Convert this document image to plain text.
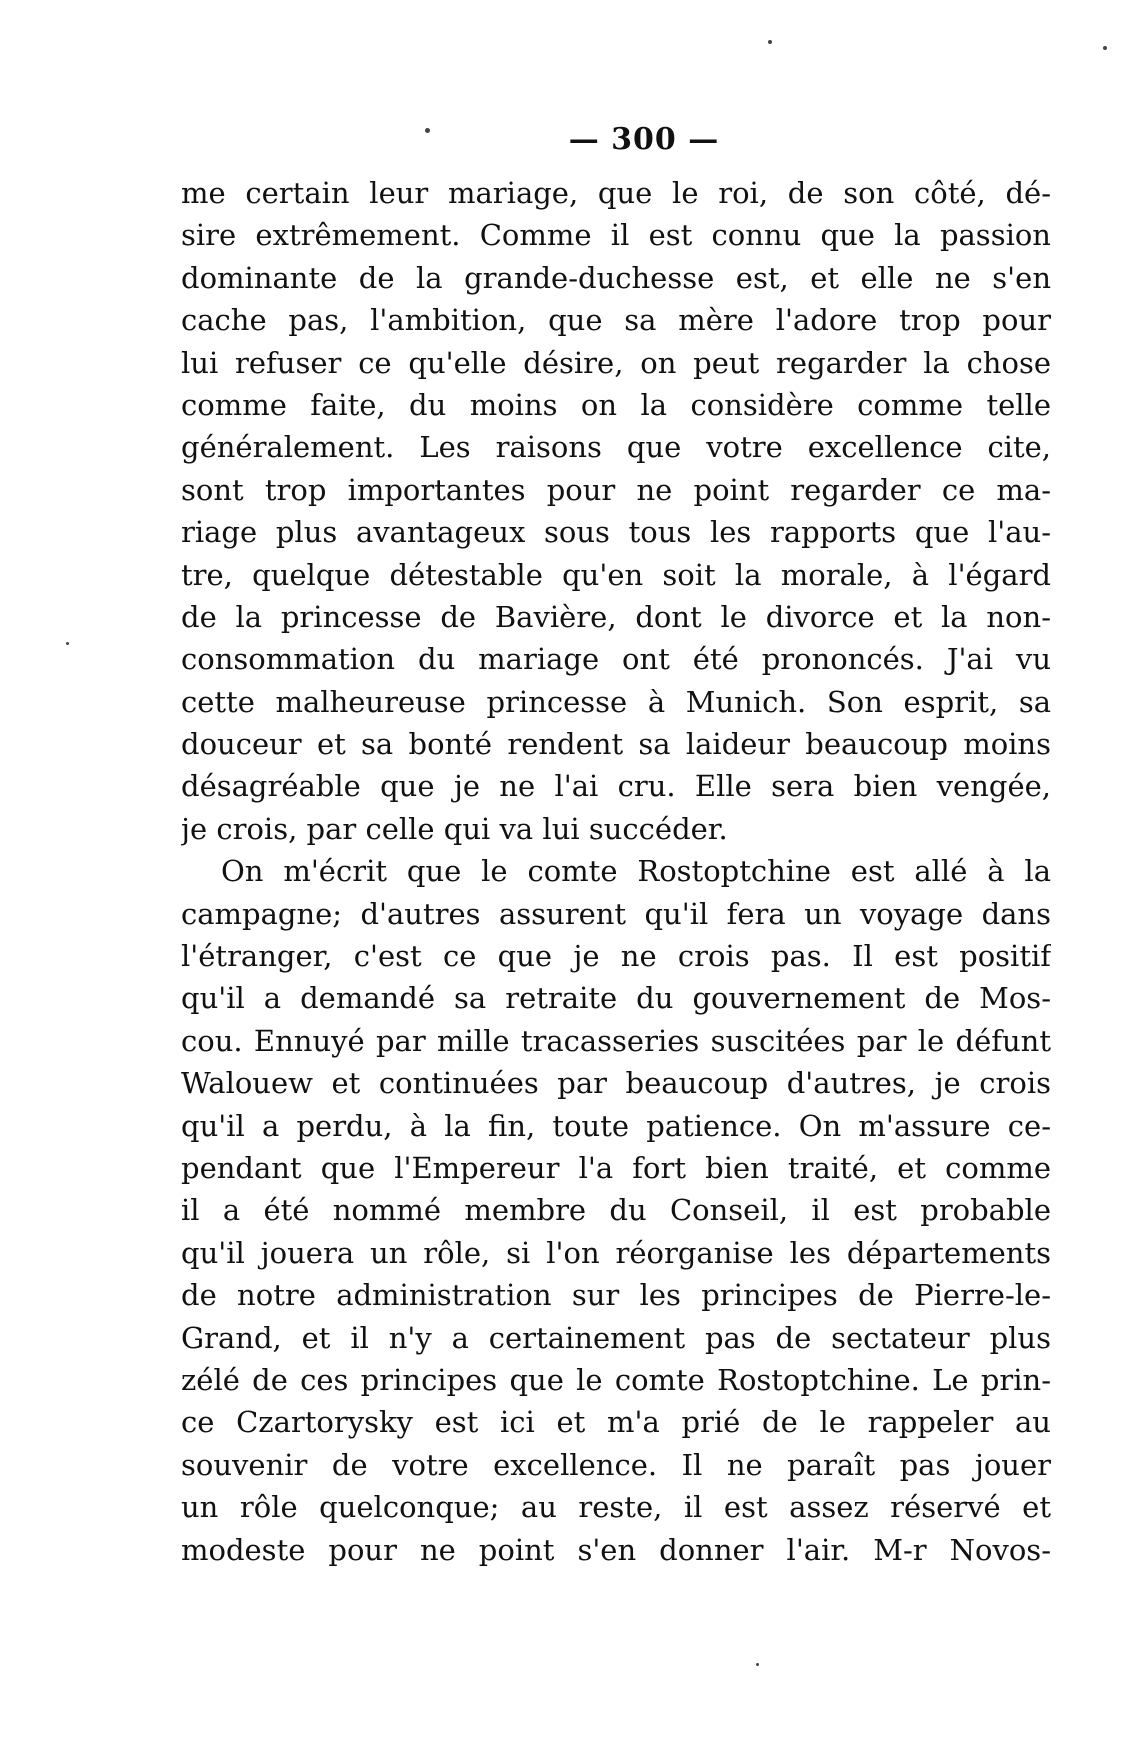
— 300 —
me certain leur mariage, que le roi, de son côté, dé-
sire extrêmement. Comme il est connu que la passion
dominante de la grande-duchesse est, et elle ne s'en
cache pas, l'ambition, que sa mère l'adore trop pour
lui refuser ce qu'elle désire, on peut regarder la chose
comme faite, du moins on la considère comme telle
généralement. Les raisons que votre excellence cite,
sont trop importantes pour ne point regarder ce ma-
riage plus avantageux sous tous les rapports que l'au-
tre, quelque détestable qu'en soit la morale, à l'égard
de la princesse de Bavière, dont le divorce et la non-
consommation du mariage ont été prononcés. J'ai vu
cette malheureuse princesse à Munich. Son esprit, sa
douceur et sa bonté rendent sa laideur beaucoup moins
désagréable que je ne l'ai cru. Elle sera bien vengée,
je crois, par celle qui va lui succéder.
On m'écrit que le comte Rostoptchine est allé à la
campagne; d'autres assurent qu'il fera un voyage dans
l'étranger, c'est ce que je ne crois pas. Il est positif
qu'il a demandé sa retraite du gouvernement de Mos-
cou. Ennuyé par mille tracasseries suscitées par le défunt
Walouew et continuées par beaucoup d'autres, je crois
qu'il a perdu, à la fin, toute patience. On m'assure ce-
pendant que l'Empereur l'a fort bien traité, et comme
il a été nommé membre du Conseil, il est probable
qu'il jouera un rôle, si l'on réorganise les départements
de notre administration sur les principes de Pierre-le-
Grand, et il n'y a certainement pas de sectateur plus
zélé de ces principes que le comte Rostoptchine. Le prin-
ce Czartorysky est ici et m'a prié de le rappeler au
souvenir de votre excellence. Il ne paraît pas jouer
un rôle quelconque; au reste, il est assez réservé et
modeste pour ne point s'en donner l'air. M-r Novos-
